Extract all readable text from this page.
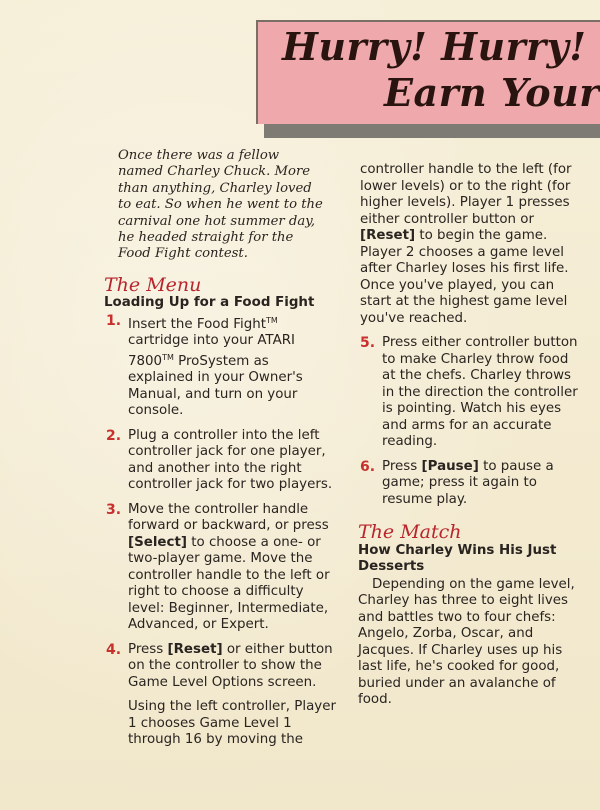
Hurry! Hurry!
Earn Your

Once there was a fellow named Charley Chuck. More than anything, Charley loved to eat. So when he went to the carnival one hot summer day, he headed straight for the Food Fight contest.

The Menu
Loading Up for a Food Fight
1. Insert the Food Fight™ cartridge into your ATARI 7800™ ProSystem as explained in your Owner's Manual, and turn on your console.

2. Plug a controller into the left controller jack for one player, and another into the right controller jack for two players.

3. Move the controller handle forward or backward, or press [Select] to choose a one- or two-player game. Move the controller handle to the left or right to choose a difficulty level: Beginner, Intermediate, Advanced, or Expert.

4. Press [Reset] or either button on the controller to show the Game Level Options screen.

Using the left controller, Player 1 chooses Game Level 1 through 16 by moving the

controller handle to the left (for lower levels) or to the right (for higher levels). Player 1 presses either controller button or [Reset] to begin the game. Player 2 chooses a game level after Charley loses his first life. Once you've played, you can start at the highest game level you've reached.

5. Press either controller button to make Charley throw food at the chefs. Charley throws in the direction the controller is pointing. Watch his eyes and arms for an accurate reading.

6. Press [Pause] to pause a game; press it again to resume play.

The Match
How Charley Wins His Just Desserts

Depending on the game level, Charley has three to eight lives and battles two to four chefs: Angelo, Zorba, Oscar, and Jacques. If Charley uses up his last life, he's cooked for good, buried under an avalanche of food.
